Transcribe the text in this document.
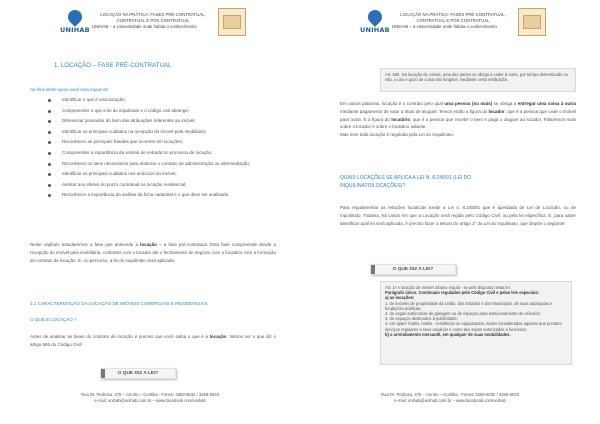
UNIHAB
LOCAÇÃO NA PRÁTICA: FASES PRÉ-CONTRATUAL,
CONTRATUAL E PÓS CONTRATUAL
UNIHAB – a Universidade onde habita o conhecimento
1. LOCAÇÃO – FASE PRÉ-CONTRATUAL
Ao final deste curso você será capaz de:
Identificar o que é uma locação;
Compreender o que a lei do inquilinato e o código civil abrange;
Diferenciar possuidor do bem das atribuições referentes ao imóvel;
Identificar os principais cuidados na recepção do imóvel pela imobiliária;
Reconhecer as principais fraudes que ocorrem em locações;
Compreender a importância da vistoria de entrada no processo de locação;
Reconhecer os itens necessários para elaborar o contrato de administração ou intermediação;
Identificar os principais cuidados nos anúncios do imóvel;
Atentar aos efeitos do prazo contratual na locação residencial;
Reconhecer a importância da análise da ficha cadastral e o que deve ser analisado.
Neste capítulo estudaremos a fase que antecede a locação – a fase pré-contratual. Esta fase compreende desde a recepção do imóvel pela imobiliária, contratos com o locador até o fechamento do negócio com o locatário com a formação do contrato de locação. E, no percurso, a lei do inquilinato será aplicada.
1.1 CARACTERIZAÇÃO DA LOCAÇÃO DE IMÓVEIS COMERCIAIS E RESIDENCIAIS
O QUE É LOCAÇÃO ?
Antes de analisar as fases do contrato de locação é preciso que você saiba o que é a locação. Vamos ver o que diz o artigo 565 do Código Civil:
O QUE DIZ A LEI?
Rua Dr. Pedrosa, 475 – Centro – Curitiba - Fones: 3259-6032 / 3259-6033
e-mail: unihab@unihab.com.br – www.facebook.com/unihab
UNIHAB
LOCAÇÃO NA PRÁTICA: FASES PRÉ-CONTRATUAL,
CONTRATUAL E PÓS CONTRATUAL
UNIHAB – a Universidade onde habita o conhecimento
Art. 565. Na locação de coisas, uma das partes se obriga a ceder à outra, por tempo determinado ou não, o uso e gozo de coisa não fungível, mediante certa retribuição.
Em outras palavras, locação é o contrato pelo qual uma pessoa (ou mais) se obriga a entregar uma coisa à outra mediante pagamento de valor a título de aluguel. Temos então a figura do locador, que é a pessoa que cede o imóvel para outra. E a figura do locatário, que é a pessoa que recebe o bem e paga o aluguel ao locador. Falaremos mais sobre o locador e sobre o locatário adiante.
Mas nem toda locação é regulada pela Lei do Inquilinato.
QUAIS LOCAÇÕES SE APLICA A LEI N. 8.245/91 (LEI DO
INQUILINATO/LOCAÇÕES)?
Para regulamentar as relações locatícias existe a Lei n. 8.245/91 que é apelidada de Lei de Locação, ou de Inquilinato. Todavia, há casos em que a Locação será regida pelo Código Civil, ou pela lei específica. E, para saber identificar qual lei será aplicada, é preciso fazer a leitura do artigo 1º da Lei do Inquilinato, que dispõe o seguinte:
O QUE DIZ A LEI?
Art. 1º A locação de imóvel urbano regula - se pelo disposto nesta lei:
Parágrafo único. Continuam regulados pelo Código Civil e pelas leis especiais:
a) as locações:
1. de imóveis de propriedade da União, dos Estados e dos Municípios, de suas autarquias e fundações públicas;
2. de vagas autônomas de garagem ou de espaços para estacionamento de veículos;
3. de espaços destinados à publicidade;
4. em apart- hotéis, hotéis - residência ou equiparados, assim considerados aqueles que prestam serviços regulares a seus usuários e como tais sejam autorizados a funcionar;
b) o arrendamento mercantil, em qualquer de suas modalidades.
Rua Dr. Pedrosa, 475 – Centro – Curitiba - Fones: 3259-6032 / 3259-6033
e-mail: unihab@unihab.com.br – www.facebook.com/unihab
